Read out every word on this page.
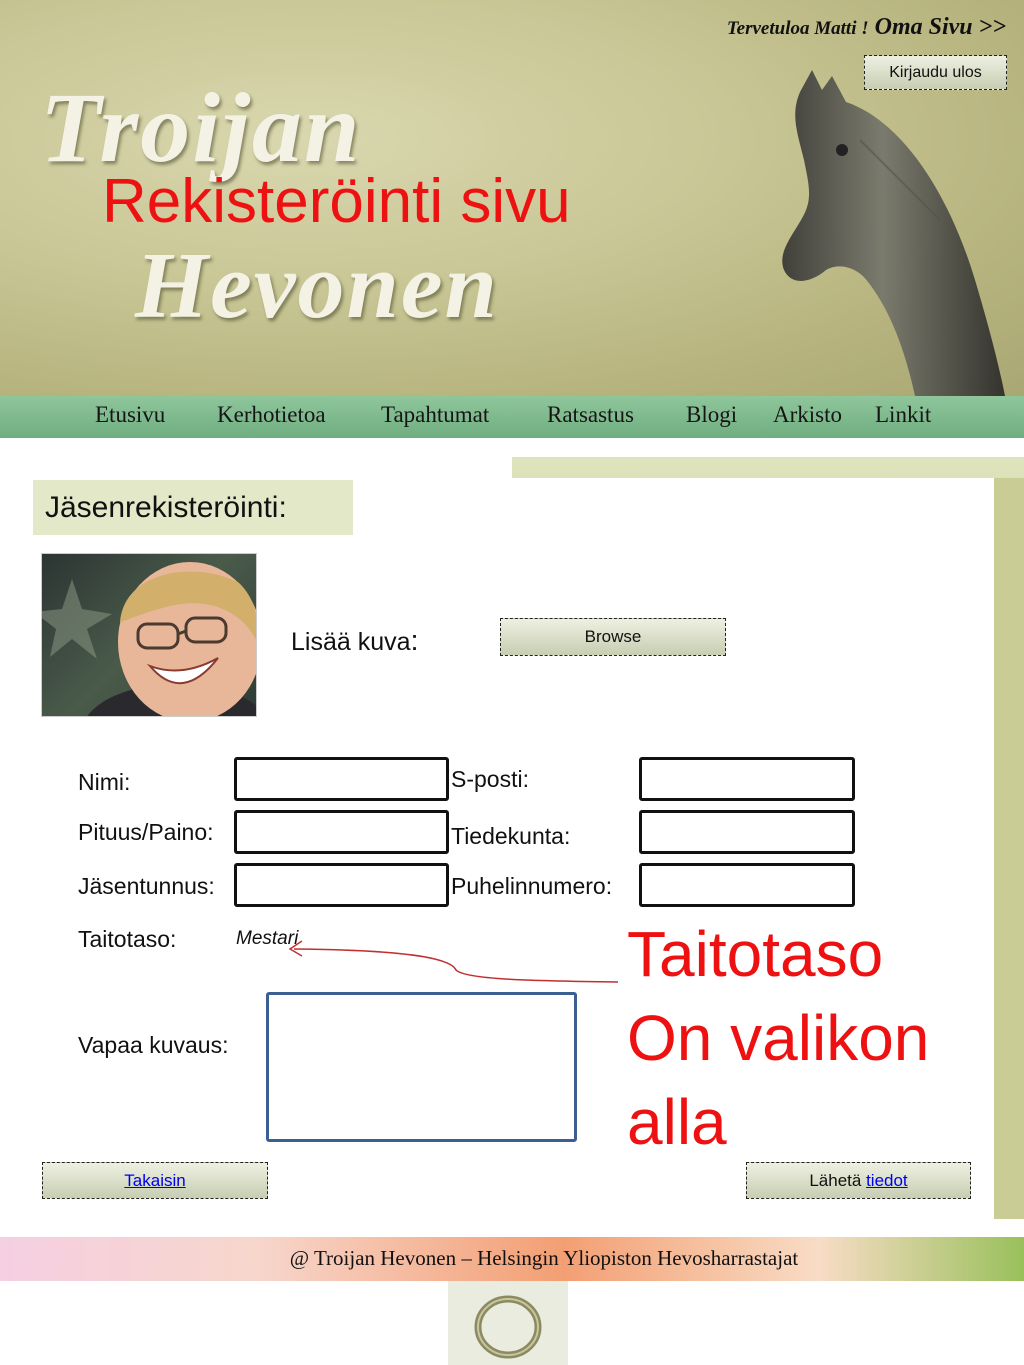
Troijan
Hevonen
Rekisteröinti sivu
Tervetuloa Matti ! Oma Sivu >>
Kirjaudu ulos
Etusivu Kerhotietoa Tapahtumat	Ratsastus Blogi Arkisto Linkit
Jäsenrekisteröinti:
Lisää kuva:	Browse
Nimi:	S-posti:
Pituus/Paino:	Tiedekunta:
Jäsentunnus:	Puhelinnumero:
Taitotaso:	Mestari
Vapaa kuvaus:
Taitotaso
On valikon
alla
Takaisin	Lähetä tiedot
@ Troijan Hevonen – Helsingin Yliopiston Hevosharrastajat
